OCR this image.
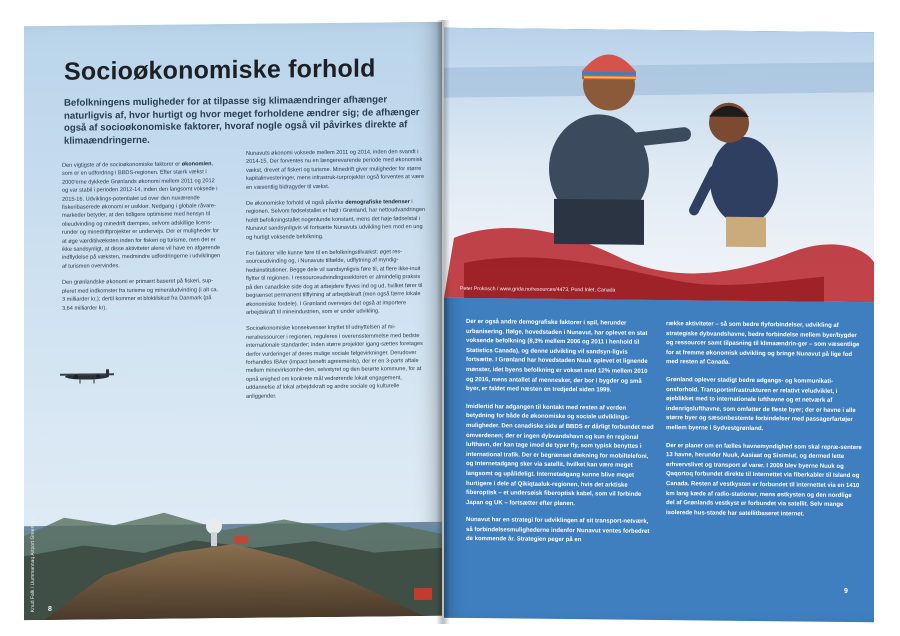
Socioøkonomiske forhold

Befolkningens muligheder for at tilpasse sig klimaændringer afhænger naturligvis af, hvor hurtigt og hvor meget forholdene ændrer sig; de afhænger også af socioøkonomiske faktorer, hvoraf nogle også vil påvirkes direkte af klimaændringerne.

Den vigtigste af de socioøkonomiske faktorer er økonomien, som er en udfordring i BBDS-regionen. Efter stærk vækst i 2000'erne dykkede Grønlands økonomi mellem 2011 og 2012 og var stabil i perioden 2012-14, inden den langsomt voksede i 2015-16. Udviklings-potentialet ud over den nuværende fiskeribaserede økonomi er usikker. Nedgang i globale råvare-markeder betyder, at den tidligere optimisme med hensyn til olieudvinding og minedrift dæmpes, selvom adskillige licens-runder og minedriftprojekter er undervejs. Der er muligheder for at øge værditilvæksten inden for fiskeri og turisme, men det er ikke sandsynligt, at disse aktiviteter alene vil have en afgørende indflydelse på væksten, medmindre udfordringerne i udviklingen af turismen overvindes.

Den grønlandske økonomi er primært baseret på fiskeri, sup-pleret med indkomster fra turisme og mineraludvinding (i alt ca. 3 milliarder kr.); dertil kommer et bloktilskud fra Danmark (på 3,64 milliarder kr).

Nunavuts økonomi voksede mellem 2011 og 2014, inden den svandt i 2014-15. Der forventes nu en længerevarende periode med økonomisk vækst, drevet af fiskeri og turisme. Minedrift giver muligheder for større kapitalinvesteringer, mens infrastruk-turprojekter også forventes at være en væsentlig bidragyder til vækst.

De økonomiske forhold vil også påvirke demografiske tendenser i regionen. Selvom fødselstallet er højt i Grønland, har nettoudvandringen holdt befolkningstallet nogenlunde konstant, mens det høje fødselstal i Nunavut sandsynligvis vil fortsætte Nunavuts udvikling hen mod en ung og hurtigt voksende befolkning.

For faktorer ville kunne føre til en befolkningstilvækst: øget res-sourceudvinding og, i Nunavuts tilfælde, udflytning af myndig-hedsinstitutioner. Begge dele vil sandsynligvis føre til, at flere ikke-inuit flytter til regionen. I ressourceudvindingssektoren er almindelig praksis på den canadiske side dog at arbejdere flyves ind og ud, hvilket fører til begrænset permanent tilflytning af arbejdskraft (men også færre lokale økonomiske fordele). I Grønland overvejes det også at importere arbejdskraft til mineindustrien, som er under udvikling.

Socioøkonomiske konsekvenser knyttet til udnyttelsen af mi-neralressourcer i regionen, reguleres i overensstemmelse med bedste internationale standarder; inden større projekter igang-sættes foretages derfor vurderinger af deres mulige sociale følgevirkninger. Derudover forhandles IBAer (impact benefit agreements), der er en 3-parts aftale mellem minevirksomhe-den, selvstyret og den berørte kommune, for at opnå enighed om konkrete mål vedrørende lokalt engagement, uddannelse af lokal arbejdskraft og andre sociale og kulturelle anliggender.

Knud Falk / Uummannaq Airport Greenland 8
Peter Prokosch / www.grida.no/resources/4473, Pond Inlet, Canada

Der er også andre demografiske faktorer i spil, herunder urbanisering. Ifølge, hovedstaden i Nunavut, har oplevet en stat voksende befolkning (8,3% mellem 2006 og 2011 i henhold til Statistics Canada), og denne udvikling vil sandsyn-ligvis fortsætte. I Grønland har hovedstaden Nuuk oplevet et lignende mønster, idet byens befolkning er vokset med 12% mellem 2010 og 2016, mens antallet af mennesker, der bor i bygder og små byer, er faldet med næsten en tredjedel siden 1999.

Imidlertid har adgangen til kontakt med resten af verden betydning for både de økonomiske og sociale udviklings-muligheder. Den canadiske side af BBDS er dårligt forbundet med omverdenen; der er ingen dybvandshavn og kun én regional lufthavn, der kan tage imod de typer fly, som typisk benyttes i international trafik. Der er begrænset dækning for mobiltelefoni, og Internetadgang sker via satellit, hvilket kan være meget langsomt og upålideligt. Internetadgang kunne blive meget hurtigere i dele af Qikiqtaaluk-regionen, hvis det arktiske fiberoptisk – et undersøisk fiberoptisk kabel, som vil forbinde Japan og UK – fortsætter efter planen.

Nunavut har en strategi for udviklingen af sit transport-netværk, så forbindelsesmulighederne indenfor Nunavut ventes forbedret de kommende år. Strategien peger på en

række aktiviteter – så som bedre flyforbindelser, udvikling af strategiske dybvandshavne, bedre forbindelse mellem byer/bygder og ressourcer samt tilpasning til klimaændrin-ger – som væsentlige for at fremme økonomisk udvikling og bringe Nunavut på lige fod med resten af Canada.

Grønland oplever stadigt bedre adgangs- og kommunikati-onsforhold. Transportinfrastrukturen er relativt veludviklet, i øjeblikket med to internationale lufthavne og et netværk af indenrigslufthavne, som omfatter de fleste byer; der er havne i alle større byer og sæsonbestemte forbindelser med passagerfartøjer mellem byerne i Sydvestgrønland.

Der er planer om en fælles havnemyndighed som skal repræ-sentere 13 havne, herunder Nuuk, Aasiaat og Sisimiut, og dermed lette erhvervslivet og transport af varer. I 2009 blev byerne Nuuk og Qaqortoq forbundet direkte til Internettet via fiberkabler til Island og Canada. Resten af vestkysten er forbundet til internettet via en 1410 km lang kæde af radio-stationer, mens østkysten og den nordlige del af Grønlands vestkyst er forbundet via satellit. Selv mange isolerede hus-stande har satellitbaseret internet.

9
